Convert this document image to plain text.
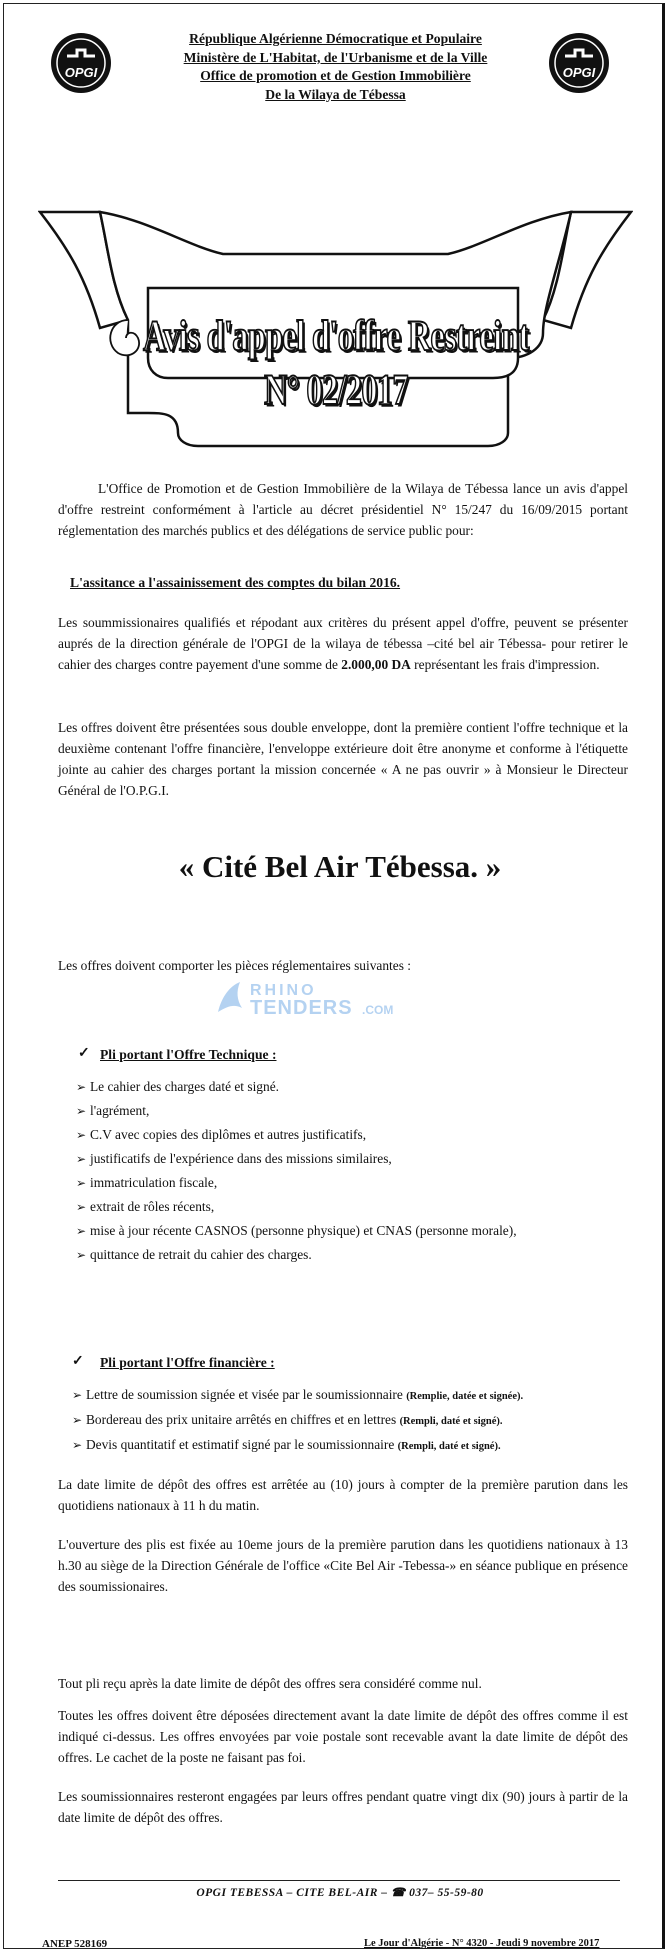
OPGI	OPGI
République Algérienne Démocratique et Populaire
Ministère de L'Habitat, de l'Urbanisme et de la Ville
Office de promotion et de Gestion Immobilière
De la Wilaya de Tébessa
Avis d'appel d'offre Restreint N° 02/2017
L'Office de Promotion et de Gestion Immobilière de la Wilaya de Tébessa lance un avis d'appel d'offre restreint conformément à l'article au décret présidentiel N° 15/247 du 16/09/2015 portant réglementation des marchés publics et des délégations de service public pour:
L'assitance a l'assainissement des comptes du bilan 2016.
Les soummissionaires qualifiés et répodant aux critères du présent appel d'offre, peuvent se présenter auprés de la direction générale de l'OPGI de la wilaya de tébessa –cité bel air Tébessa- pour retirer le cahier des charges contre payement d'une somme de 2.000,00 DA représentant les frais d'impression.
Les offres doivent être présentées sous double enveloppe, dont la première contient l'offre technique et la deuxième contenant l'offre financière, l'enveloppe extérieure doit être anonyme et conforme à l'étiquette jointe au cahier des charges portant la mission concernée « A ne pas ouvrir » à Monsieur le Directeur Général de l'O.P.G.I.
« Cité Bel Air Tébessa. »
Les offres doivent comporter les pièces réglementaires suivantes :
RHINO
TENDERS .COM
✓ Pli portant l'Offre Technique :
➢ Le cahier des charges daté et signé.
➢ l'agrément,
➢ C.V avec copies des diplômes et autres justificatifs,
➢ justificatifs de l'expérience dans des missions similaires,
➢ immatriculation fiscale,
➢ extrait de rôles récents,
➢ mise à jour récente CASNOS (personne physique) et CNAS (personne morale),
➢ quittance de retrait du cahier des charges.
✓ Pli portant l'Offre financière :
➢ Lettre de soumission signée et visée par le soumissionnaire (Remplie, datée et signée).
➢ Bordereau des prix unitaire arrêtés en chiffres et en lettres (Rempli, daté et signé).
➢ Devis quantitatif et estimatif signé par le soumissionnaire (Rempli, daté et signé).
La date limite de dépôt des offres est arrêtée au (10) jours à compter de la première parution dans les quotidiens nationaux à 11 h du matin.
L'ouverture des plis est fixée au 10eme jours de la première parution dans les quotidiens nationaux à 13 h.30 au siège de la Direction Générale de l'office «Cite Bel Air -Tebessa-» en séance publique en présence des soumissionaires.
Tout pli reçu après la date limite de dépôt des offres sera considéré comme nul.
Toutes les offres doivent être déposées directement avant la date limite de dépôt des offres comme il est indiqué ci-dessus. Les offres envoyées par voie postale sont recevable avant la date limite de dépôt des offres. Le cachet de la poste ne faisant pas foi.
Les soumissionnaires resteront engagées par leurs offres pendant quatre vingt dix (90) jours à partir de la date limite de dépôt des offres.
OPGI TEBESSA – CITE BEL-AIR – ☎ 037– 55-59-80
ANEP 528169	Le Jour d'Algérie - N° 4320 - Jeudi 9 novembre 2017
